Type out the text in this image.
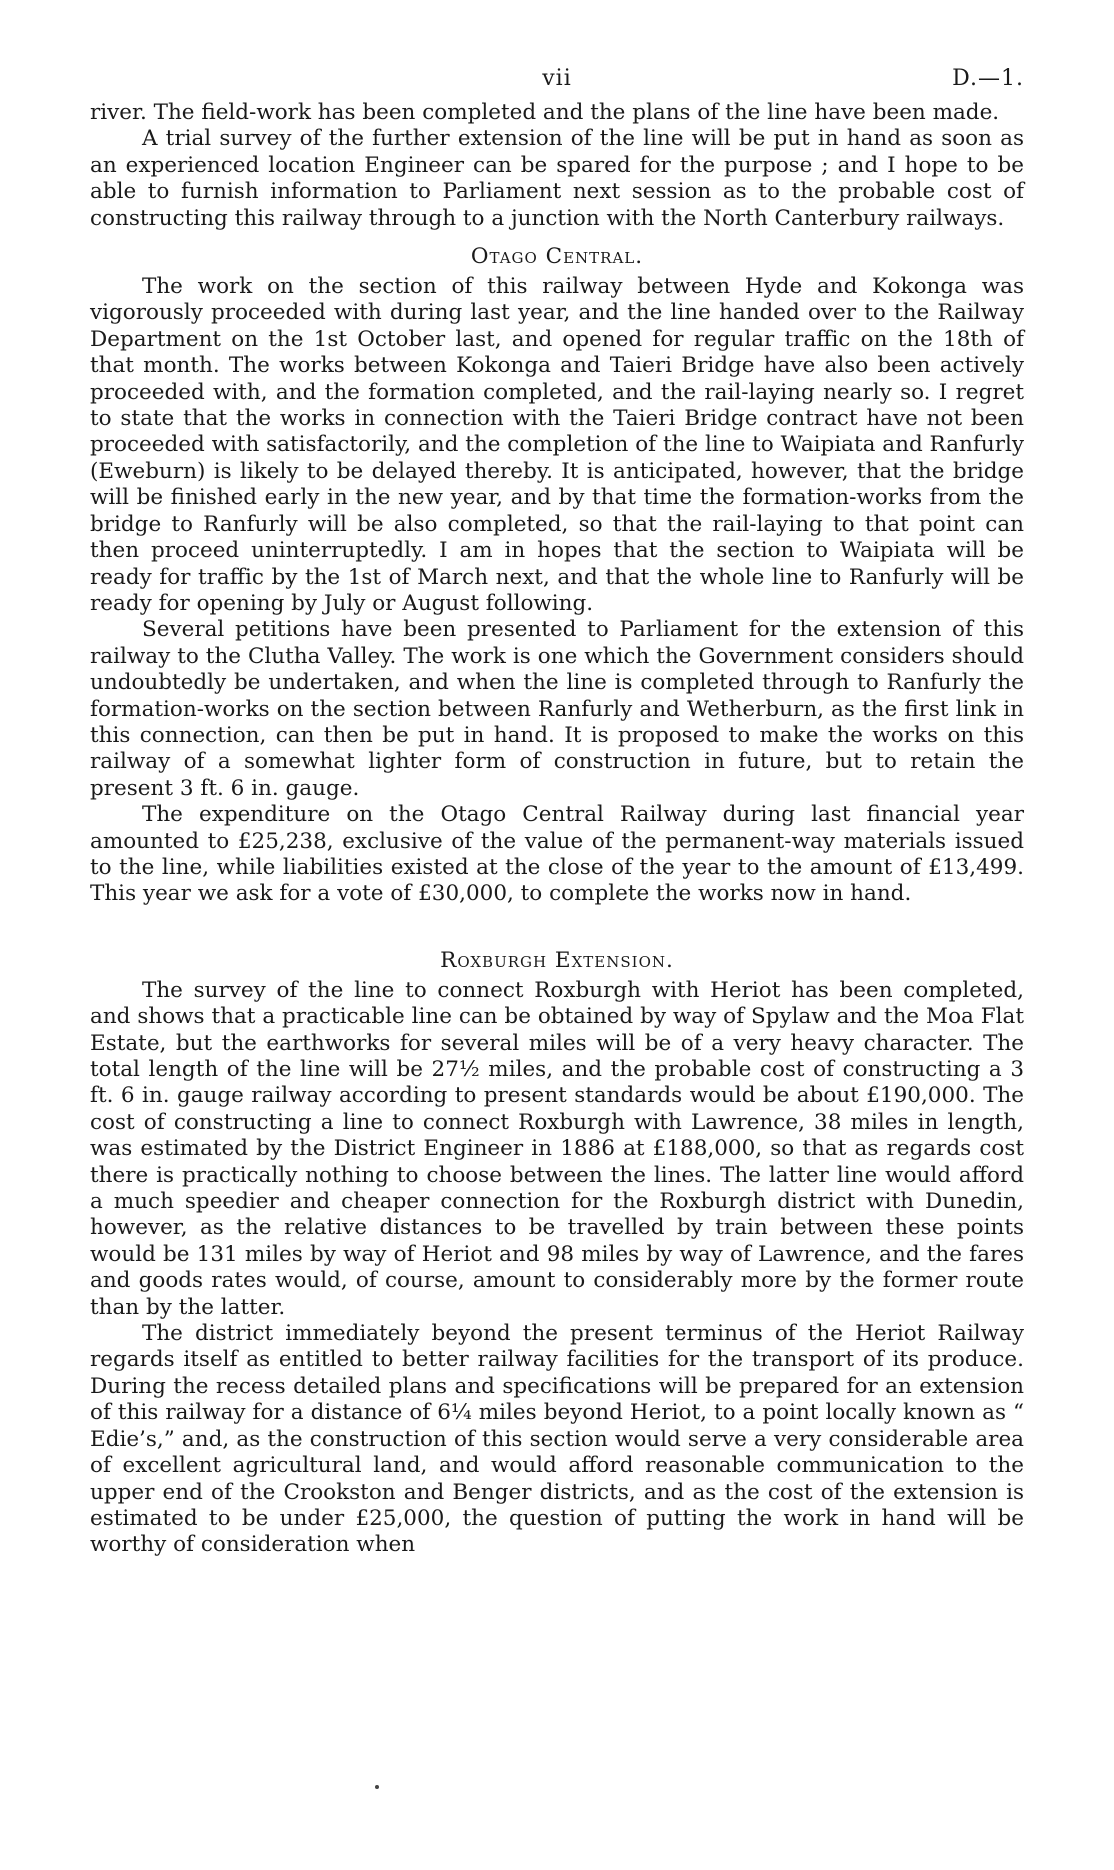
vii	D.—1.

river. The field-work has been completed and the plans of the line have been made.

A trial survey of the further extension of the line will be put in hand as soon as an experienced location Engineer can be spared for the purpose ; and I hope to be able to furnish information to Parliament next session as to the probable cost of constructing this railway through to a junction with the North Canterbury railways.

Otago Central.

The work on the section of this railway between Hyde and Kokonga was vigorously proceeded with during last year, and the line handed over to the Railway Department on the 1st October last, and opened for regular traffic on the 18th of that month. The works between Kokonga and Taieri Bridge have also been actively proceeded with, and the formation completed, and the rail-laying nearly so. I regret to state that the works in connection with the Taieri Bridge contract have not been proceeded with satisfactorily, and the completion of the line to Waipiata and Ranfurly (Eweburn) is likely to be delayed thereby. It is anticipated, however, that the bridge will be finished early in the new year, and by that time the formation-works from the bridge to Ranfurly will be also completed, so that the rail-laying to that point can then proceed uninterruptedly. I am in hopes that the section to Waipiata will be ready for traffic by the 1st of March next, and that the whole line to Ranfurly will be ready for opening by July or August following.

Several petitions have been presented to Parliament for the extension of this railway to the Clutha Valley. The work is one which the Government considers should undoubtedly be undertaken, and when the line is completed through to Ranfurly the formation-works on the section between Ranfurly and Wetherburn, as the first link in this connection, can then be put in hand. It is proposed to make the works on this railway of a somewhat lighter form of construction in future, but to retain the present 3 ft. 6 in. gauge.

The expenditure on the Otago Central Railway during last financial year amounted to £25,238, exclusive of the value of the permanent-way materials issued to the line, while liabilities existed at the close of the year to the amount of £13,499. This year we ask for a vote of £30,000, to complete the works now in hand.

Roxburgh Extension.

The survey of the line to connect Roxburgh with Heriot has been completed, and shows that a practicable line can be obtained by way of Spylaw and the Moa Flat Estate, but the earthworks for several miles will be of a very heavy character. The total length of the line will be 27½ miles, and the probable cost of constructing a 3 ft. 6 in. gauge railway according to present standards would be about £190,000. The cost of constructing a line to connect Roxburgh with Lawrence, 38 miles in length, was estimated by the District Engineer in 1886 at £188,000, so that as regards cost there is practically nothing to choose between the lines. The latter line would afford a much speedier and cheaper connection for the Roxburgh district with Dunedin, however, as the relative distances to be travelled by train between these points would be 131 miles by way of Heriot and 98 miles by way of Lawrence, and the fares and goods rates would, of course, amount to considerably more by the former route than by the latter.

The district immediately beyond the present terminus of the Heriot Railway regards itself as entitled to better railway facilities for the transport of its produce. During the recess detailed plans and specifications will be prepared for an extension of this railway for a distance of 6¼ miles beyond Heriot, to a point locally known as “ Edie’s,” and, as the construction of this section would serve a very considerable area of excellent agricultural land, and would afford reasonable communication to the upper end of the Crookston and Benger districts, and as the cost of the extension is estimated to be under £25,000, the question of putting the work in hand will be worthy of consideration when
